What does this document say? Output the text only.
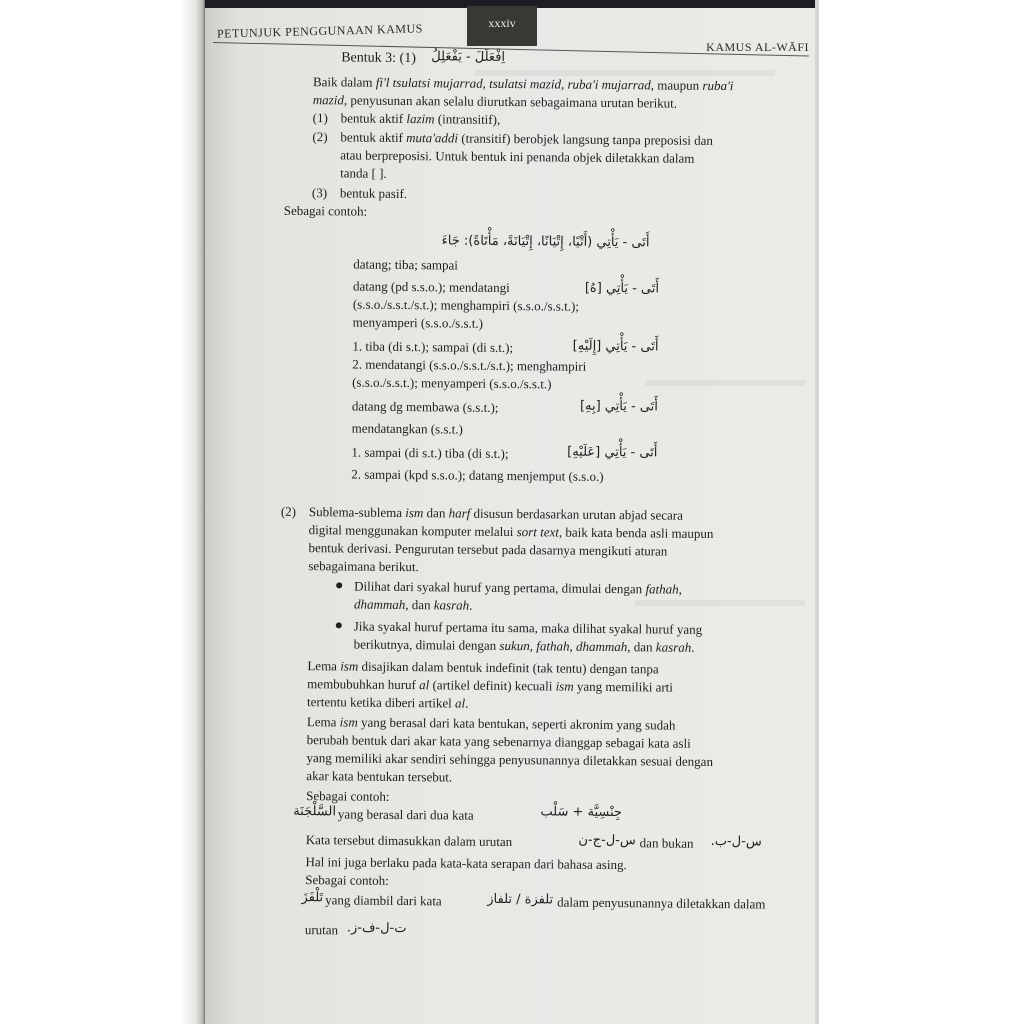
PETUNJUK PENGGUNAAN KAMUS	xxxiv
KAMUS AL-WĀFI
Bentuk 3: (1) اِفْعَلَلَ - يَفْعَلِلُ
Baik dalam fi'l tsulatsi mujarrad, tsulatsi mazid, ruba'i mujarrad, maupun ruba'i
mazid, penyusunan akan selalu diurutkan sebagaimana urutan berikut.
(1) bentuk aktif lazim (intransitif),
(2) bentuk aktif muta'addi (transitif) berobjek langsung tanpa preposisi dan
atau berpreposisi. Untuk bentuk ini penanda objek diletakkan dalam
tanda [ ].
(3) bentuk pasif.
Sebagai contoh:
أَتَى - يَأْتِي (أَتْيًا، إِتْيَانًا، إِتْيَانَةً، مَأْتَاةً): جَاءَ
datang; tiba; sampai
datang (pd s.s.o.); mendatangi	أَتَى - يَأْتِي [هُ]
(s.s.o./s.s.t./s.t.); menghampiri (s.s.o./s.s.t.);
menyamperi (s.s.o./s.s.t.)
1. tiba (di s.t.); sampai (di s.t.);	أَتَى - يَأْتِي [إِلَيْهِ]
2. mendatangi (s.s.o./s.s.t./s.t.); menghampiri
(s.s.o./s.s.t.); menyamperi (s.s.o./s.s.t.)
datang dg membawa (s.s.t.);	أَتَى - يَأْتِي [بِهِ]
mendatangkan (s.s.t.)
1. sampai (di s.t.) tiba (di s.t.);	أَتَى - يَأْتِي [عَلَيْهِ]
2. sampai (kpd s.s.o.); datang menjemput (s.s.o.)
(2) Sublema-sublema ism dan harf disusun berdasarkan urutan abjad secara
digital menggunakan komputer melalui sort text, baik kata benda asli maupun
bentuk derivasi. Pengurutan tersebut pada dasarnya mengikuti aturan
sebagaimana berikut.
Dilihat dari syakal huruf yang pertama, dimulai dengan fathah,
dhammah, dan kasrah.
Jika syakal huruf pertama itu sama, maka dilihat syakal huruf yang
berikutnya, dimulai dengan sukun, fathah, dhammah, dan kasrah.
Lema ism disajikan dalam bentuk indefinit (tak tentu) dengan tanpa
membubuhkan huruf al (artikel definit) kecuali ism yang memiliki arti
tertentu ketika diberi artikel al.
Lema ism yang berasal dari kata bentukan, seperti akronim yang sudah
berubah bentuk dari akar kata yang sebenarnya dianggap sebagai kata asli
yang memiliki akar sendiri sehingga penyusunannya diletakkan sesuai dengan
akar kata bentukan tersebut.
Sebagai contoh:
السَّلْجَنَة yang berasal dari dua kata	جِنْسِيَّة + سَلْب
Kata tersebut dimasukkan dalam urutan	س-ل-ج-ن dan bukan	س-ل-ب.
Hal ini juga berlaku pada kata-kata serapan dari bahasa asing.
Sebagai contoh:
تَلْفَزَ yang diambil dari kata	تلفزة / تلفاز dalam penyusunannya diletakkan dalam
urutan ت-ل-ف-ز.
